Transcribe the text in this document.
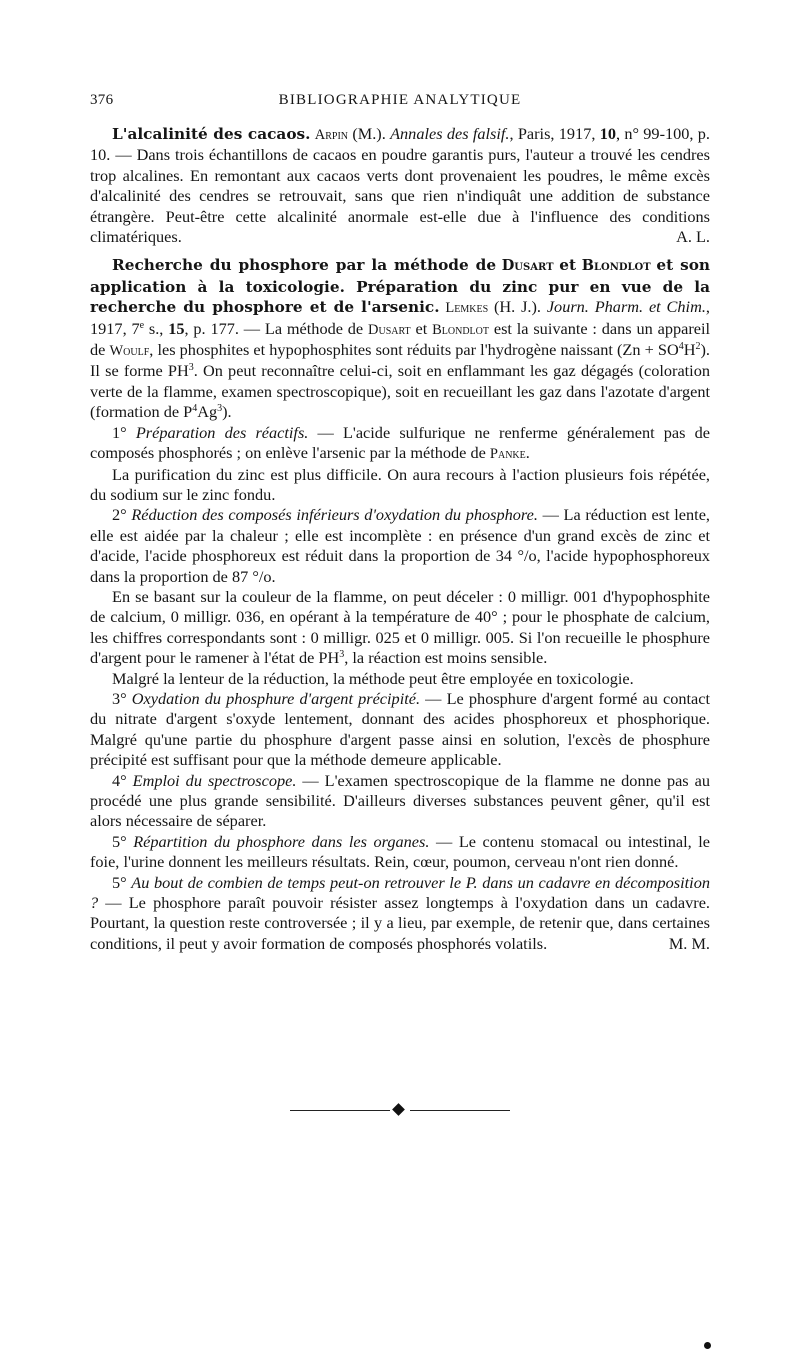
376	BIBLIOGRAPHIE ANALYTIQUE

L'alcalinité des cacaos. Arpin (M.). Annales des falsif., Paris, 1917, 10, n° 99-100, p. 10. — Dans trois échantillons de cacaos en poudre garantis purs, l'auteur a trouvé les cendres trop alcalines. En remontant aux cacaos verts dont provenaient les poudres, le même excès d'alcalinité des cendres se retrouvait, sans que rien n'indiquât une addition de substance étrangère. Peut-être cette alcalinité anormale est-elle due à l'influence des conditions climatériques.	A. L.

Recherche du phosphore par la méthode de Dusart et Blondlot et son application à la toxicologie. Préparation du zinc pur en vue de la recherche du phosphore et de l'arsenic. Lemkes (H. J.). Journ. Pharm. et Chim., 1917, 7e s., 15, p. 177. — La méthode de Dusart et Blondlot est la suivante : dans un appareil de Woulf, les phosphites et hypophosphites sont réduits par l'hydrogène naissant $(Zn + SO^4H^2)$. Il se forme $PH^3$. On peut reconnaître celui-ci, soit en enflammant les gaz dégagés (coloration verte de la flamme, examen spectroscopique), soit en recueillant les gaz dans l'azotate d'argent (formation de $P^4Ag^3$).

1° Préparation des réactifs. — L'acide sulfurique ne renferme généralement pas de composés phosphorés ; on enlève l'arsenic par la méthode de Panke.

La purification du zinc est plus difficile. On aura recours à l'action plusieurs fois répétée, du sodium sur le zinc fondu.

2° Réduction des composés inférieurs d'oxydation du phosphore. — La réduction est lente, elle est aidée par la chaleur ; elle est incomplète : en présence d'un grand excès de zinc et d'acide, l'acide phosphoreux est réduit dans la proportion de 34 °/o, l'acide hypophosphoreux dans la proportion de 87 °/o.

En se basant sur la couleur de la flamme, on peut déceler : 0 milligr. 001 d'hypophosphite de calcium, 0 milligr. 036, en opérant à la température de 40° ; pour le phosphate de calcium, les chiffres correspondants sont : 0 milligr. 025 et 0 milligr. 005. Si l'on recueille le phosphure d'argent pour le ramener à l'état de $PH^3$, la réaction est moins sensible.

Malgré la lenteur de la réduction, la méthode peut être employée en toxicologie.

3° Oxydation du phosphure d'argent précipité. — Le phosphure d'argent formé au contact du nitrate d'argent s'oxyde lentement, donnant des acides phosphoreux et phosphorique. Malgré qu'une partie du phosphure d'argent passe ainsi en solution, l'excès de phosphure précipité est suffisant pour que la méthode demeure applicable.

4° Emploi du spectroscope. — L'examen spectroscopique de la flamme ne donne pas au procédé une plus grande sensibilité. D'ailleurs diverses substances peuvent gêner, qu'il est alors nécessaire de séparer.

5° Répartition du phosphore dans les organes. — Le contenu stomacal ou intestinal, le foie, l'urine donnent les meilleurs résultats. Rein, cœur, poumon, cerveau n'ont rien donné.

5° Au bout de combien de temps peut-on retrouver le P. dans un cadavre en décomposition ? — Le phosphore paraît pouvoir résister assez longtemps à l'oxydation dans un cadavre. Pourtant, la question reste controversée ; il y a lieu, par exemple, de retenir que, dans certaines conditions, il peut y avoir formation de composés phosphorés volatils.	M. M.
